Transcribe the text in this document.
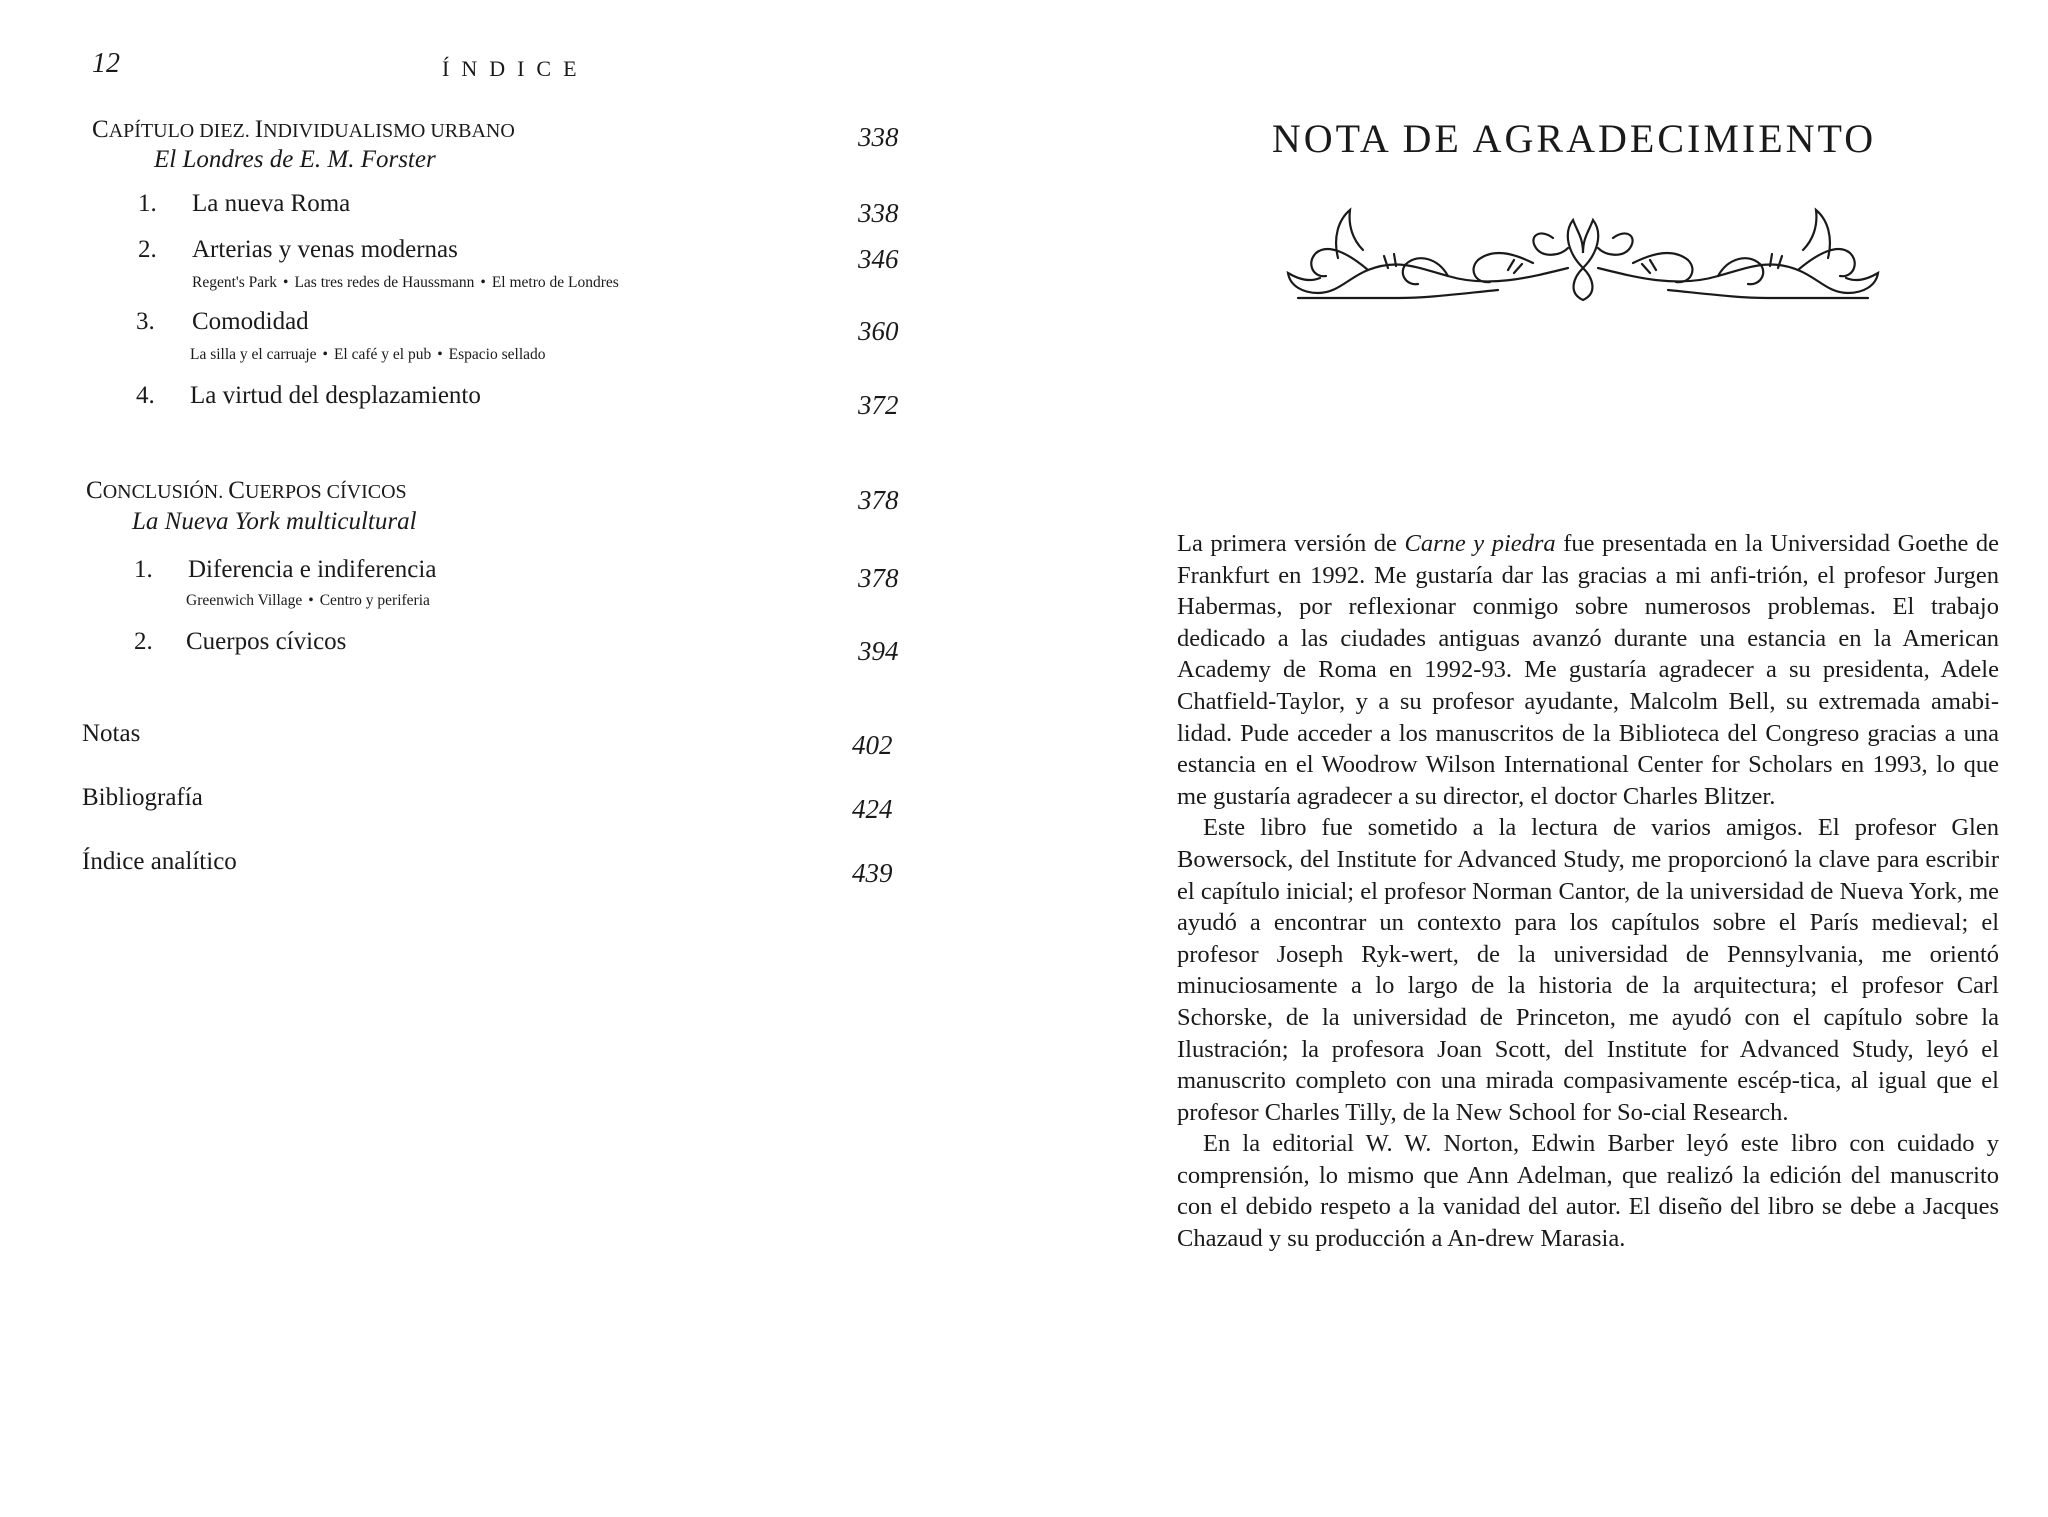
12	ÍNDICE
CAPÍTULO DIEZ. INDIVIDUALISMO URBANO
El Londres de E. M. Forster
338
1. La nueva Roma	338
2. Arterias y venas modernas	346
Regent's Park • Las tres redes de Haussmann • El metro de Londres
3. Comodidad	360
La silla y el carruaje • El café y el pub • Espacio sellado
4. La virtud del desplazamiento	372
CONCLUSIÓN. CUERPOS CÍVICOS
La Nueva York multicultural
378
1. Diferencia e indiferencia	378
Greenwich Village • Centro y periferia
2. Cuerpos cívicos	394
Notas	402
Bibliografía	424
Índice analítico	439
NOTA DE AGRADECIMIENTO

La primera versión de Carne y piedra fue presentada en la Universidad Goethe de Frankfurt en 1992. Me gustaría dar las gracias a mi anfi-trión, el profesor Jurgen Habermas, por reflexionar conmigo sobre numerosos problemas. El trabajo dedicado a las ciudades antiguas avanzó durante una estancia en la American Academy de Roma en 1992-93. Me gustaría agradecer a su presidenta, Adele Chatfield-Taylor, y a su profesor ayudante, Malcolm Bell, su extremada amabi-lidad. Pude acceder a los manuscritos de la Biblioteca del Congreso gracias a una estancia en el Woodrow Wilson International Center for Scholars en 1993, lo que me gustaría agradecer a su director, el doctor Charles Blitzer.

Este libro fue sometido a la lectura de varios amigos. El profesor Glen Bowersock, del Institute for Advanced Study, me proporcionó la clave para escribir el capítulo inicial; el profesor Norman Cantor, de la universidad de Nueva York, me ayudó a encontrar un contexto para los capítulos sobre el París medieval; el profesor Joseph Ryk-wert, de la universidad de Pennsylvania, me orientó minuciosamente a lo largo de la historia de la arquitectura; el profesor Carl Schorske, de la universidad de Princeton, me ayudó con el capítulo sobre la Ilustración; la profesora Joan Scott, del Institute for Advanced Study, leyó el manuscrito completo con una mirada compasivamente escép-tica, al igual que el profesor Charles Tilly, de la New School for So-cial Research.

En la editorial W. W. Norton, Edwin Barber leyó este libro con cuidado y comprensión, lo mismo que Ann Adelman, que realizó la edición del manuscrito con el debido respeto a la vanidad del autor. El diseño del libro se debe a Jacques Chazaud y su producción a An-drew Marasia.
